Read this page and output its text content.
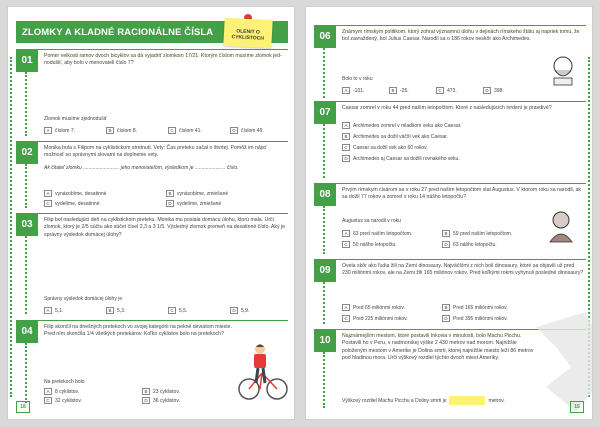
ZLOMKY A KLADNÉ RACIONÁLNE ČÍSLA	OLENIT O CYKLISTOCH
01	Pomer velkosti ramov dvoch bicyklov sa dá vyjadriť zlomkom 17/21. Ktorým číslom musíme zlomok jed-nodušiť, aby bolo v menovateli číslo 7?
Zlomok musíme zjednodušiť
A číslom 7.	B číslom 8.	C číslom 41.	D číslom 49.
02	Monika bola s Filipom na cyklistickom stretnutí. Vety: Čas preteku začal o štvrtej. Pomôž im nájsť možnosť so správnymi slovami na doplnenie vety.
Ak čitateľ zlomku .......................... jeho menovateľom, výsledkom je ...................... číslo.
A vynásobíme, desatinné	B vynásobíme, zmiešané
C vydelíme, desatinné	D vydelíme, zmiešané
03	Filip bol nasledujúci deň na cyklistickom preteku. Monika mu posiala domácu úlohu, ktorú mala. Urči zlomok, ktorý je 2/5 súčtu ako súčet čísel 2,3 a 3 1/5. Výsledný zlomok premeň na desatinné číslo. Aký je správny výsledok domácej úlohy?
Správny výsledok domácej úlohy je
A 5,1.	B 5,3.	C 5,5.	D 5,9.
04	Filip skončil na dnešných pretekoch vo svojej kategórii na pekné deviatom mieste. Pred ním skončila 1/4 všetkých pretekárov. Koľko cyklistov bolo na pretekoch?
Na pretekoch bolo
A 8 cyklistov.	B 23 cyklistov.
C 32 cyklistov.	D 36 cyklistov.
18
06	Známym rímskym politikom, ktorý zohral významnú úlohu v dejinách rímskeho štátu aj napriek tomu, že bol zavraždený, bol Julius Caesar. Narodil sa o 186 rokov neskôr ako Archimedes.
Bolo to v roku
A -101.	B -26.	C 473.	D 398.
07	Caesar zomrel v roku 44 pred naším letopočtom. Ktoré z nasledujúcich tvrdení je pravdivé?
A Archimedes zomrel v mladšom veku ako Caesar.
B Archimedes sa dožil väčší vek ako Caesar.
C Caesar sa dožil vek ako 60 rokov.
D Archimedes aj Caesar sa dožili rovnakého veku.
08	Prvým rímskym cisárom sa v roku 27 pred naším letopočtom stal Augustus. V ktorom roku sa narodil, ak sa dožil 77 rokov a zomrel v roku 14 nášho letopočtu?
Augustus sa narodil v roku
A 63 pred naším letopočtom.	B 59 pred naším letopočtom.
C 50 nášho letopočtu.	D 63 nášho letopočtu.
09	Ovela skôr ako ľudia žili na Zemi dinosaury. Najväčšími z nich boli dinosaury, ktoré sa objavili už pred 230 miliónmi rokov, ale na Zemi žili 165 miliónov rokov. Pred koľkými rokmi vyhynuli posledné dinosaury?
A Pred 65 miliónmi rokov.	B Pred 165 miliónmi rokov.
C Pred 225 miliónmi rokov.	D Pred 395 miliónmi rokov.
10	Najznámejším mestom, ktoré postavili Inkovia v minulosti, bolo Machu Picchu. Postavili ho v Peru, v nadmorskej výške 2 430 metrov nad morom. Najnižšie položeným mestom v Amerike je Dolina smrti, ktorej najnižšie miesto leží 86 metrov pod hladinou mora. Urči výškový rozdiel týchto dvoch miest Ameriky.
Výškový rozdiel Machu Picchu a Doliny smrti je	metrov.
15
